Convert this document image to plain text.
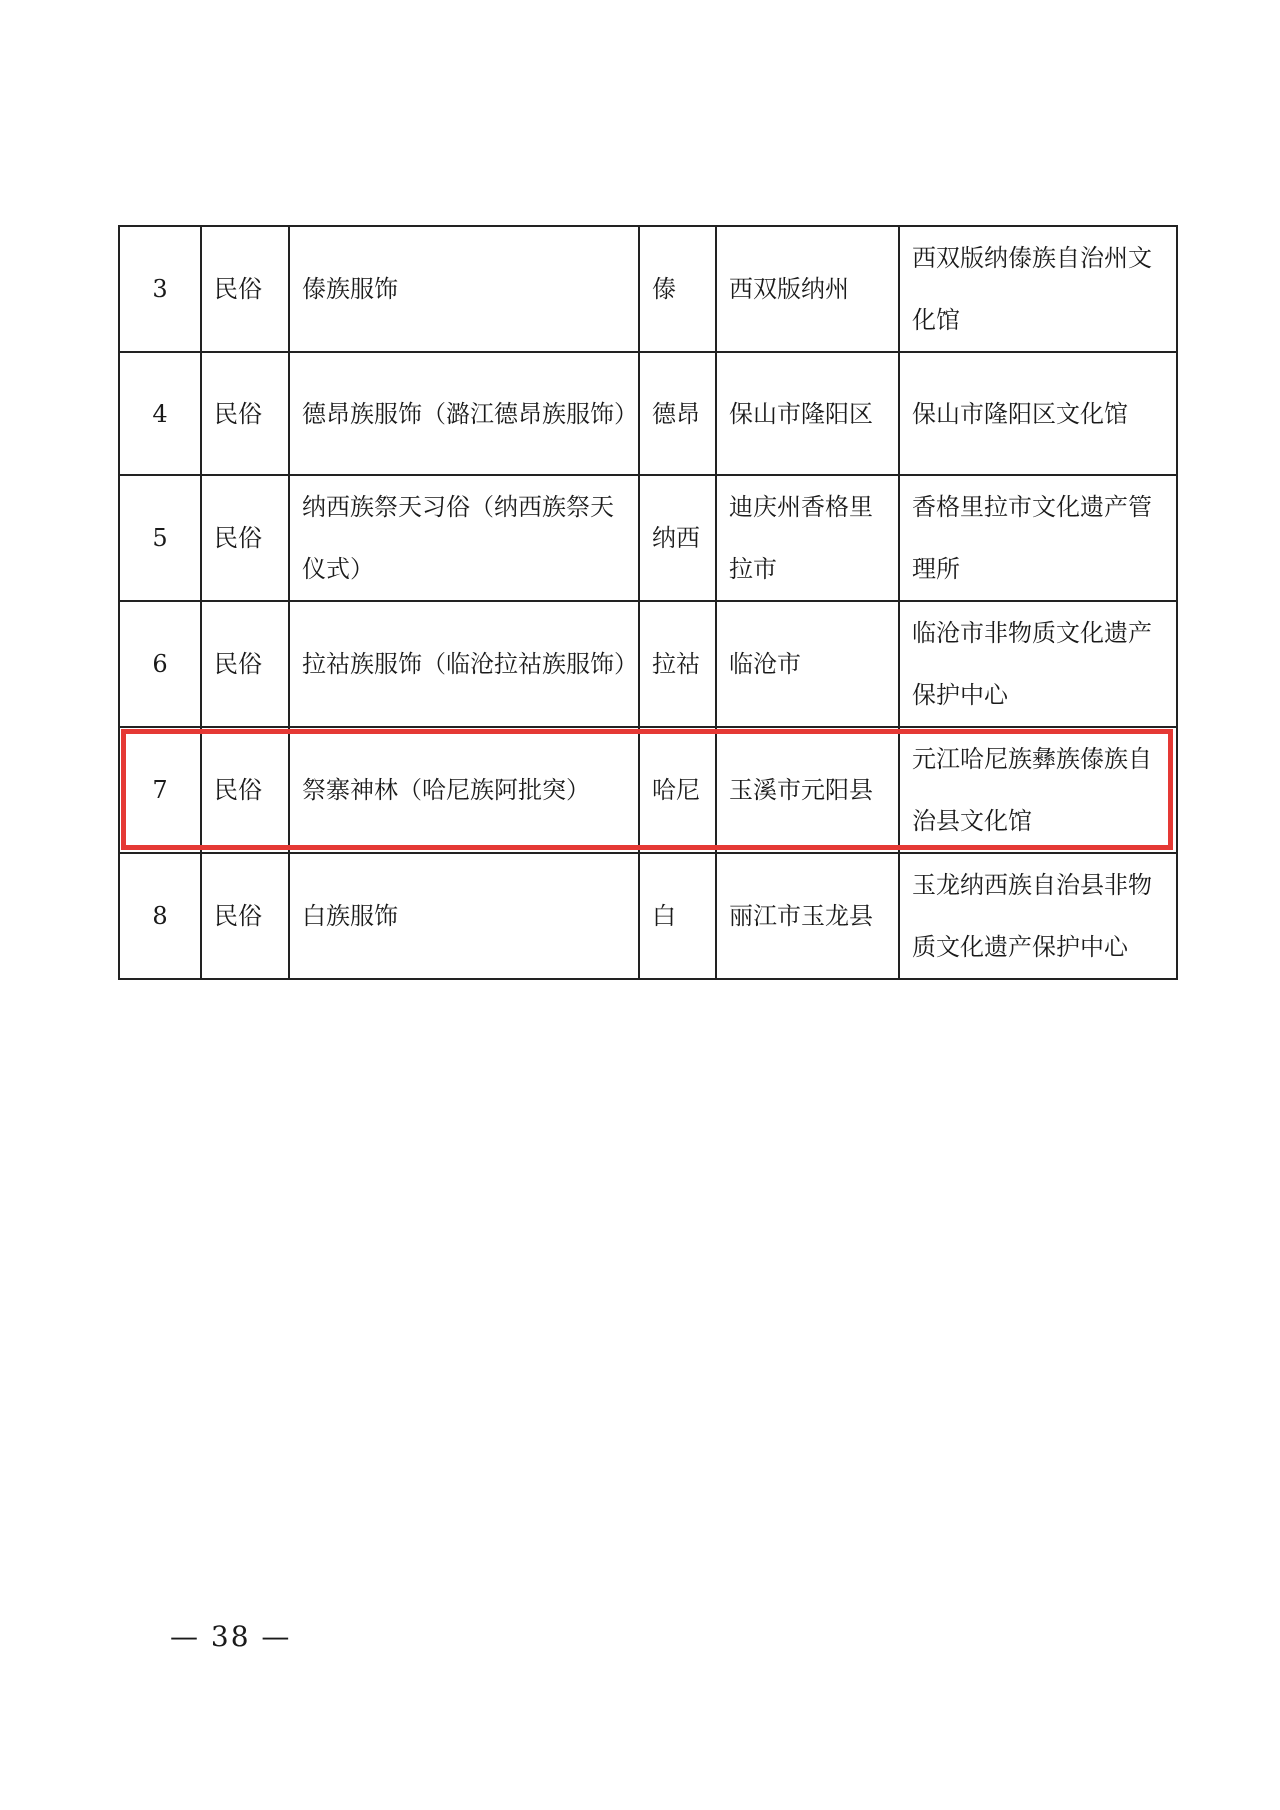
3	民俗	傣族服饰	傣	西双版纳州	西双版纳傣族自治州文化馆
4	民俗	德昂族服饰（潞江德昂族服饰）	德昂	保山市隆阳区	保山市隆阳区文化馆
5	民俗	纳西族祭天习俗（纳西族祭天仪式）	纳西	迪庆州香格里拉市	香格里拉市文化遗产管理所
6	民俗	拉祜族服饰（临沧拉祜族服饰）	拉祜	临沧市	临沧市非物质文化遗产保护中心
7	民俗	祭寨神林（哈尼族阿批突）	哈尼	玉溪市元阳县	元江哈尼族彝族傣族自治县文化馆
8	民俗	白族服饰	白	丽江市玉龙县	玉龙纳西族自治县非物质文化遗产保护中心
— 38 —
